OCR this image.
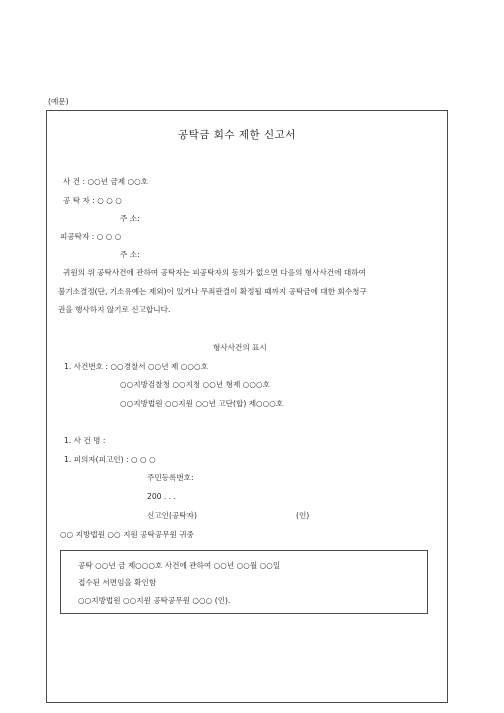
(예문)
공탁금 회수 제한 신고서
사 건 : ○○년 금제 ○○호
공 탁 자 : ○ ○ ○
주 소:
피공탁자 : ○ ○ ○
주 소:
귀원의 위 공탁사건에 관하여 공탁자는 피공탁자의 동의가 없으면 다음의 형사사건에 대하여
불기소결정(단, 기소유예는 제외)이 있거나 무죄판결이 확정될 때까지 공탁금에 대한 회수청구
권을 행사하지 않기로 신고합니다.
형사사건의 표시
1. 사건번호 : ○○경찰서 ○○년 제 ○○○호
○○지방검찰청 ○○지청 ○○년 형제 ○○○호
○○지방법원 ○○지원 ○○년 고단(합) 제○○○호
1. 사 건 명 :
1. 피의자(피고인) : ○ ○ ○
주민등록번호:
200 . . .
신고인(공탁자)	(인)
○○ 지방법원 ○○ 지원 공탁공무원 귀중
공탁 ○○년 금 제○○○호 사건에 관하여 ○○년 ○○월 ○○일
접수된 서면임을 확인함
○○지방법원 ○○지원 공탁공무원 ○○○ (인).
